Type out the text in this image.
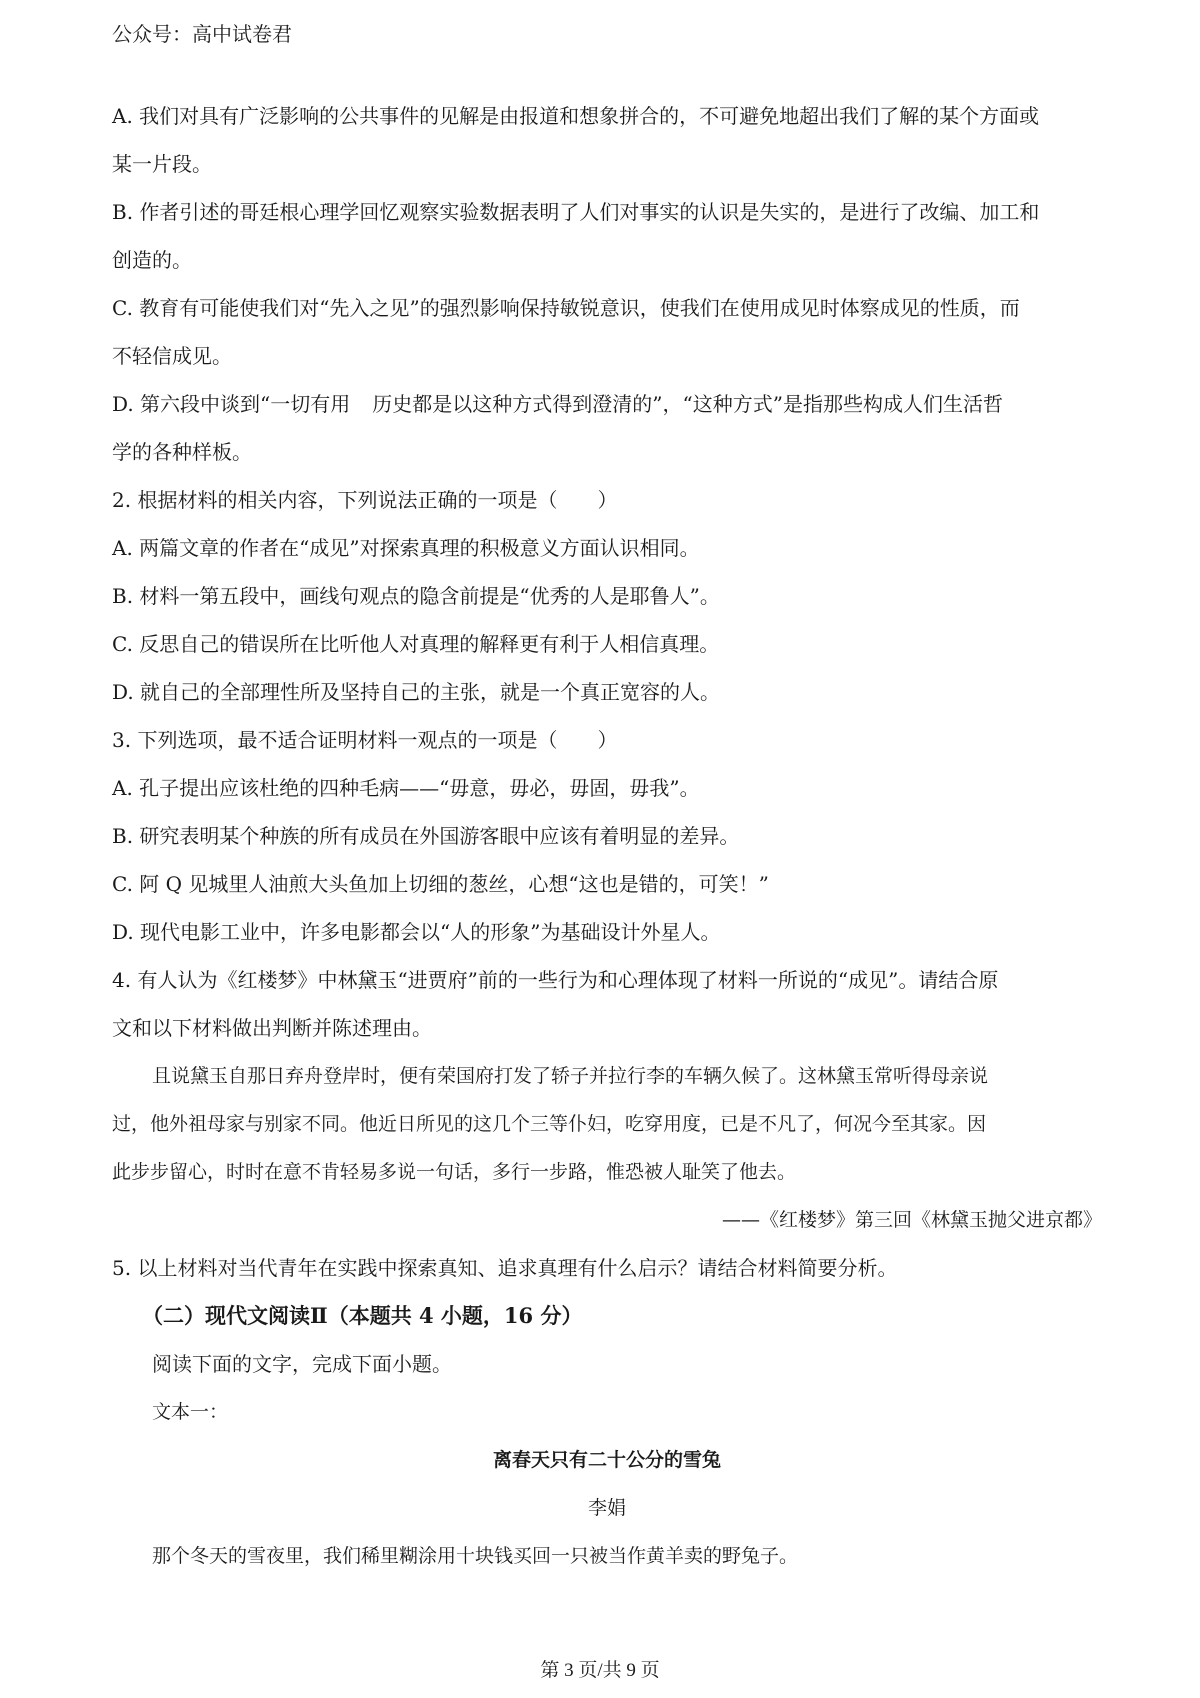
公众号：高中试卷君
A. 我们对具有广泛影响的公共事件的见解是由报道和想象拼合的，不可避免地超出我们了解的某个方面或
某一片段。
B. 作者引述的哥廷根心理学回忆观察实验数据表明了人们对事实的认识是失实的，是进行了改编、加工和
创造的。
C. 教育有可能使我们对“先入之见”的强烈影响保持敏锐意识，使我们在使用成见时体察成见的性质，而
不轻信成见。
D. 第六段中谈到“一切有用 历史都是以这种方式得到澄清的”，“这种方式”是指那些构成人们生活哲
学的各种样板。
2. 根据材料的相关内容，下列说法正确的一项是（　　）
A. 两篇文章的作者在“成见”对探索真理的积极意义方面认识相同。
B. 材料一第五段中，画线句观点的隐含前提是“优秀的人是耶鲁人”。
C. 反思自己的错误所在比听他人对真理的解释更有利于人相信真理。
D. 就自己的全部理性所及坚持自己的主张，就是一个真正宽容的人。
3. 下列选项，最不适合证明材料一观点的一项是（　　）
A. 孔子提出应该杜绝的四种毛病——“毋意，毋必，毋固，毋我”。
B. 研究表明某个种族的所有成员在外国游客眼中应该有着明显的差异。
C. 阿 Q 见城里人油煎大头鱼加上切细的葱丝，心想“这也是错的，可笑！”
D. 现代电影工业中，许多电影都会以“人的形象”为基础设计外星人。
4. 有人认为《红楼梦》中林黛玉“进贾府”前的一些行为和心理体现了材料一所说的“成见”。请结合原
文和以下材料做出判断并陈述理由。
且说黛玉自那日弃舟登岸时，便有荣国府打发了轿子并拉行李的车辆久候了。这林黛玉常听得母亲说
过，他外祖母家与别家不同。他近日所见的这几个三等仆妇，吃穿用度，已是不凡了，何况今至其家。因
此步步留心，时时在意不肯轻易多说一句话，多行一步路，惟恐被人耻笑了他去。
——《红楼梦》第三回《林黛玉抛父进京都》
5. 以上材料对当代青年在实践中探索真知、追求真理有什么启示？请结合材料简要分析。
（二）现代文阅读Ⅱ（本题共 4 小题，16 分）
阅读下面的文字，完成下面小题。
文本一：
离春天只有二十公分的雪兔
李娟
那个冬天的雪夜里，我们稀里糊涂用十块钱买回一只被当作黄羊卖的野兔子。
第 3 页/共 9 页
